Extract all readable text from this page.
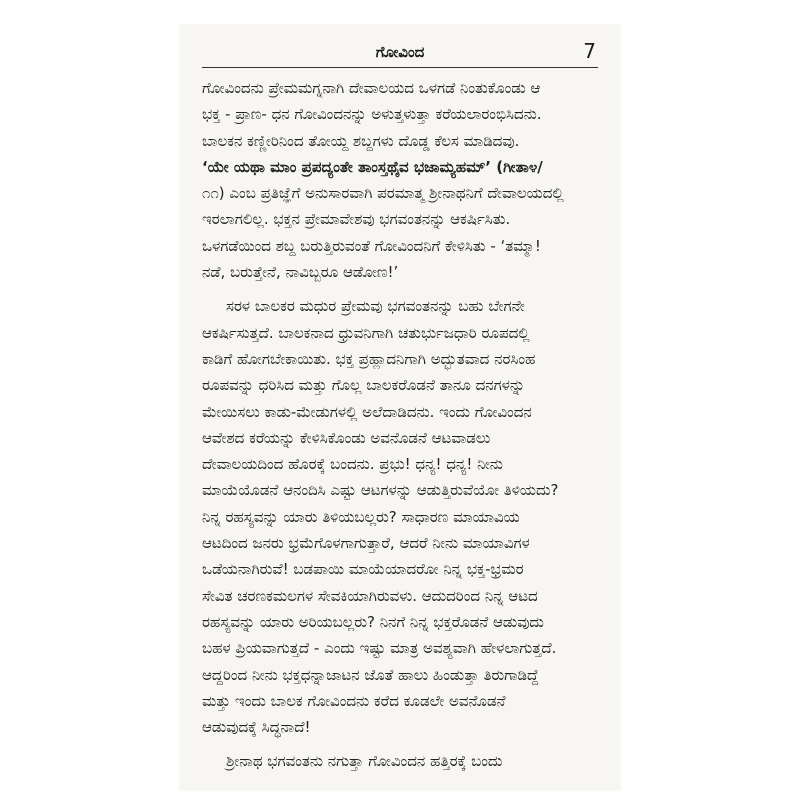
ಗೋವಿಂದ	7
ಗೋವಿಂದನು ಪ್ರೇಮಮಗ್ನನಾಗಿ ದೇವಾಲಯದ ಒಳಗಡೆ ನಿಂತುಕೊಂಡು ಆ
ಭಕ್ತ - ಪ್ರಾಣ- ಧನ ಗೋವಿಂದನನ್ನು ಅಳುತ್ತಳುತ್ತಾ ಕರೆಯಲಾರಂಭಿಸಿದನು.
ಬಾಲಕನ ಕಣ್ಣೀರಿನಿಂದ ತೋಯ್ದ ಶಬ್ದಗಳು ದೊಡ್ಡ ಕೆಲಸ ಮಾಡಿದವು.
‘ಯೇ ಯಥಾ ಮಾಂ ಪ್ರಪದ್ಯಂತೇ ತಾಂಸ್ತಥೈವ ಭಜಾಮ್ಯಹಮ್’ (ಗೀತಾ೪/
೧೧) ಎಂಬ ಪ್ರತಿಜ್ಞೆಗೆ ಅನುಸಾರವಾಗಿ ಪರಮಾತ್ಮ ಶ್ರೀನಾಥನಿಗೆ ದೇವಾಲಯದಲ್ಲಿ
ಇರಲಾಗಲಿಲ್ಲ. ಭಕ್ತನ ಪ್ರೇಮಾವೇಶವು ಭಗವಂತನನ್ನು ಆಕರ್ಷಿಸಿತು.
ಒಳಗಡೆಯಿಂದ ಶಬ್ದ ಬರುತ್ತಿರುವಂತೆ ಗೋವಿಂದನಿಗೆ ಕೇಳಿಸಿತು - ‘ತಮ್ಮಾ!
ನಡೆ, ಬರುತ್ತೇನೆ, ನಾವಿಬ್ಬರೂ ಆಡೋಣ!’
ಸರಳ ಬಾಲಕರ ಮಧುರ ಪ್ರೇಮವು ಭಗವಂತನನ್ನು ಬಹು ಬೇಗನೇ
ಆಕರ್ಷಿಸುತ್ತದೆ. ಬಾಲಕನಾದ ಧ್ರುವನಿಗಾಗಿ ಚತುರ್ಭುಜಧಾರಿ ರೂಪದಲ್ಲಿ
ಕಾಡಿಗೆ ಹೋಗಬೇಕಾಯಿತು. ಭಕ್ತ ಪ್ರಹ್ಲಾದನಿಗಾಗಿ ಅದ್ಭುತವಾದ ನರಸಿಂಹ
ರೂಪವನ್ನು ಧರಿಸಿದ ಮತ್ತು ಗೊಲ್ಲ ಬಾಲಕರೊಡನೆ ತಾನೂ ದನಗಳನ್ನು
ಮೇಯಿಸಲು ಕಾಡು-ಮೇಡುಗಳಲ್ಲಿ ಅಲೆದಾಡಿದನು. ಇಂದು ಗೋವಿಂದನ
ಆವೇಶದ ಕರೆಯನ್ನು ಕೇಳಿಸಿಕೊಂಡು ಅವನೊಡನೆ ಆಟವಾಡಲು
ದೇವಾಲಯದಿಂದ ಹೊರಕ್ಕೆ ಬಂದನು. ಪ್ರಭು! ಧನ್ಯ! ಧನ್ಯ! ನೀನು
ಮಾಯೆಯೊಡನೆ ಆನಂದಿಸಿ ಎಷ್ಟು ಆಟಗಳನ್ನು ಆಡುತ್ತಿರುವೆಯೋ ತಿಳಿಯದು?
ನಿನ್ನ ರಹಸ್ಯವನ್ನು ಯಾರು ತಿಳಿಯಬಲ್ಲರು? ಸಾಧಾರಣ ಮಾಯಾವಿಯ
ಆಟದಿಂದ ಜನರು ಭ್ರಮೆಗೊಳಗಾಗುತ್ತಾರೆ, ಆದರೆ ನೀನು ಮಾಯಾವಿಗಳ
ಒಡೆಯನಾಗಿರುವೆ! ಬಡಪಾಯಿ ಮಾಯೆಯಾದರೋ ನಿನ್ನ ಭಕ್ತ-ಭ್ರಮರ
ಸೇವಿತ ಚರಣಕಮಲಗಳ ಸೇವಕಿಯಾಗಿರುವಳು. ಆದುದರಿಂದ ನಿನ್ನ ಆಟದ
ರಹಸ್ಯವನ್ನು ಯಾರು ಅರಿಯಬಲ್ಲರು? ನಿನಗೆ ನಿನ್ನ ಭಕ್ತರೊಡನೆ ಆಡುವುದು
ಬಹಳ ಪ್ರಿಯವಾಗುತ್ತದೆ - ಎಂದು ಇಷ್ಟು ಮಾತ್ರ ಅವಶ್ಯವಾಗಿ ಹೇಳಲಾಗುತ್ತದೆ.
ಆದ್ದರಿಂದ ನೀನು ಭಕ್ತಧನ್ನಾಜಾಟನ ಜೊತೆ ಹಾಲು ಹಿಂಡುತ್ತಾ ತಿರುಗಾಡಿದ್ದೆ
ಮತ್ತು ಇಂದು ಬಾಲಕ ಗೋವಿಂದನು ಕರೆದ ಕೂಡಲೇ ಅವನೊಡನೆ
ಆಡುವುದಕ್ಕೆ ಸಿದ್ಧನಾದೆ!
ಶ್ರೀನಾಥ ಭಗವಂತನು ನಗುತ್ತಾ ಗೋವಿಂದನ ಹತ್ತಿರಕ್ಕೆ ಬಂದು
